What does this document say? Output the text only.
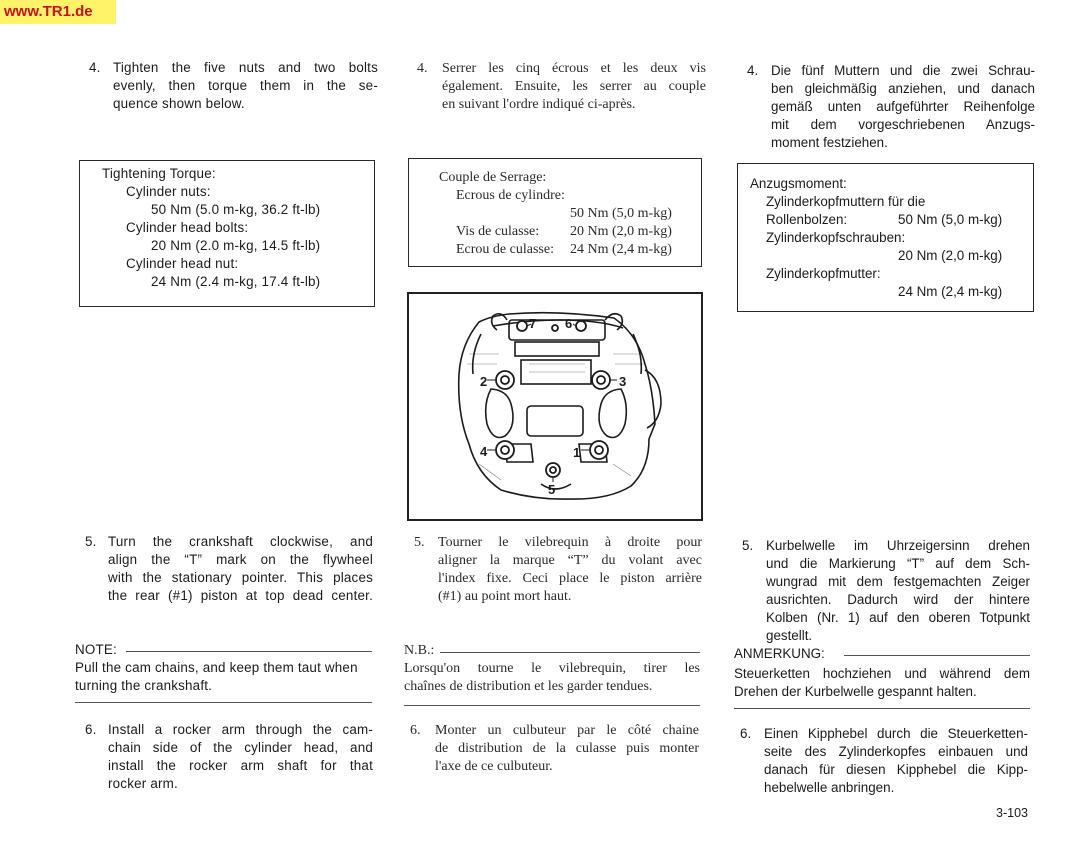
www.TR1.de
4. Tighten the five nuts and two bolts
evenly, then torque them in the se-
quence shown below.
Tightening Torque:
Cylinder nuts:
50 Nm (5.0 m-kg, 36.2 ft-lb)
Cylinder head bolts:
20 Nm (2.0 m-kg, 14.5 ft-lb)
Cylinder head nut:
24 Nm (2.4 m-kg, 17.4 ft-lb)
5. Turn the crankshaft clockwise, and
align the “T” mark on the flywheel
with the stationary pointer. This places
the rear (#1) piston at top dead center.
NOTE:
Pull the cam chains, and keep them taut when
turning the crankshaft.
6. Install a rocker arm through the cam-
chain side of the cylinder head, and
install the rocker arm shaft for that
rocker arm.
4. Serrer les cinq écrous et les deux vis
également. Ensuite, les serrer au couple
en suivant l'ordre indiqué ci-après.
Couple de Serrage:
Ecrous de cylindre:
50 Nm (5,0 m-kg)
Vis de culasse: 20 Nm (2,0 m-kg)
Ecrou de culasse: 24 Nm (2,4 m-kg)
1
2	3
4
5
6
7
5. Tourner le vilebrequin à droite pour
aligner la marque “T” du volant avec
l'index fixe. Ceci place le piston arrière
(#1) au point mort haut.
N.B.:
Lorsqu'on tourne le vilebrequin, tirer les
chaînes de distribution et les garder tendues.
6. Monter un culbuteur par le côté chaine
de distribution de la culasse puis monter
l'axe de ce culbuteur.
4. Die fünf Muttern und die zwei Schrau-
ben gleichmäßig anziehen, und danach
gemäß unten aufgeführter Reihenfolge
mit dem vorgeschriebenen Anzugs-
moment festziehen.
Anzugsmoment:
Zylinderkopfmuttern für die
Rollenbolzen:	50 Nm (5,0 m-kg)
Zylinderkopfschrauben:
20 Nm (2,0 m-kg)
Zylinderkopfmutter:
24 Nm (2,4 m-kg)
5. Kurbelwelle im Uhrzeigersinn drehen
und die Markierung “T” auf dem Sch-
wungrad mit dem festgemachten Zeiger
ausrichten. Dadurch wird der hintere
Kolben (Nr. 1) auf den oberen Totpunkt
gestellt.
ANMERKUNG:
Steuerketten hochziehen und während dem
Drehen der Kurbelwelle gespannt halten.
6. Einen Kipphebel durch die Steuerketten-
seite des Zylinderkopfes einbauen und
danach für diesen Kipphebel die Kipp-
hebelwelle anbringen.
3-103
